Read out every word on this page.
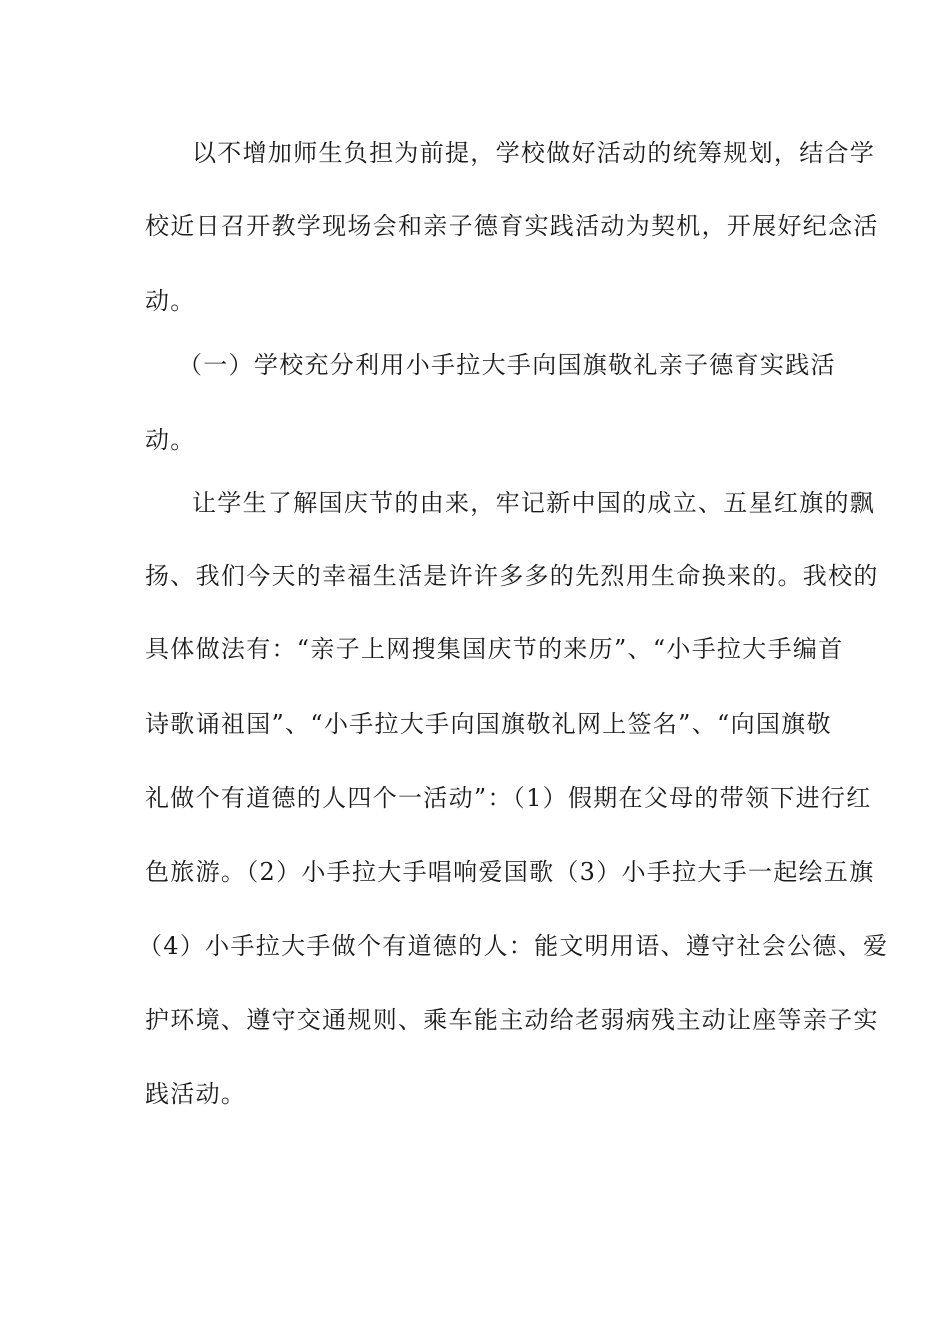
以不增加师生负担为前提，学校做好活动的统筹规划，结合学
校近日召开教学现场会和亲子德育实践活动为契机，开展好纪念活
动。
（一）学校充分利用小手拉大手向国旗敬礼亲子德育实践活
动。
让学生了解国庆节的由来，牢记新中国的成立、五星红旗的飘
扬、我们今天的幸福生活是许许多多的先烈用生命换来的。我校的
具体做法有：“亲子上网搜集国庆节的来历”、“小手拉大手编首
诗歌诵祖国”、“小手拉大手向国旗敬礼网上签名”、“向国旗敬
礼做个有道德的人四个一活动”：（1）假期在父母的带领下进行红
色旅游。（2）小手拉大手唱响爱国歌（3）小手拉大手一起绘五旗
（4）小手拉大手做个有道德的人：能文明用语、遵守社会公德、爱
护环境、遵守交通规则、乘车能主动给老弱病残主动让座等亲子实
践活动。
